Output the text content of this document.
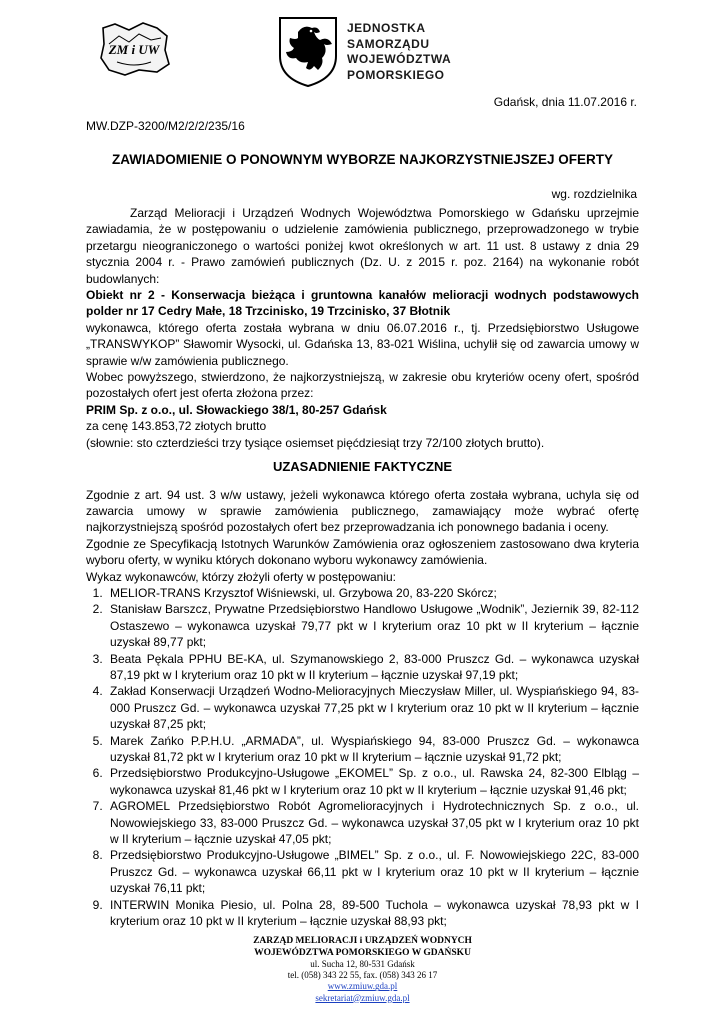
ZM i UW
JEDNOSTKA
SAMORZĄDU
WOJEWÓDZTWA
POMORSKIEGO
Gdańsk, dnia 11.07.2016 r.
MW.DZP-3200/M2/2/2/235/16
ZAWIADOMIENIE O PONOWNYM WYBORZE NAJKORZYSTNIEJSZEJ OFERTY
wg. rozdzielnika

Zarząd Melioracji i Urządzeń Wodnych Województwa Pomorskiego w Gdańsku uprzejmie zawiadamia, że w postępowaniu o udzielenie zamówienia publicznego, przeprowadzonego w trybie przetargu nieograniczonego o wartości poniżej kwot określonych w art. 11 ust. 8 ustawy z dnia 29 stycznia 2004 r. - Prawo zamówień publicznych (Dz. U. z 2015 r. poz. 2164) na wykonanie robót budowlanych:

Obiekt nr 2 - Konserwacja bieżąca i gruntowna kanałów melioracji wodnych podstawowych polder nr 17 Cedry Małe, 18 Trzcinisko, 19 Trzcinisko, 37 Błotnik

wykonawca, którego oferta została wybrana w dniu 06.07.2016 r., tj. Przedsiębiorstwo Usługowe „TRANSWYKOP” Sławomir Wysocki, ul. Gdańska 13, 83-021 Wiślina, uchylił się od zawarcia umowy w sprawie w/w zamówienia publicznego.

Wobec powyższego, stwierdzono, że najkorzystniejszą, w zakresie obu kryteriów oceny ofert, spośród pozostałych ofert jest oferta złożona przez:

PRIM Sp. z o.o., ul. Słowackiego 38/1, 80-257 Gdańsk

za cenę 143.853,72 złotych brutto

(słownie: sto czterdzieści trzy tysiące osiemset pięćdziesiąt trzy 72/100 złotych brutto).

UZASADNIENIE FAKTYCZNE

Zgodnie z art. 94 ust. 3 w/w ustawy, jeżeli wykonawca którego oferta została wybrana, uchyla się od zawarcia umowy w sprawie zamówienia publicznego, zamawiający może wybrać ofertę najkorzystniejszą spośród pozostałych ofert bez przeprowadzania ich ponownego badania i oceny.

Zgodnie ze Specyfikacją Istotnych Warunków Zamówienia oraz ogłoszeniem zastosowano dwa kryteria wyboru oferty, w wyniku których dokonano wyboru wykonawcy zamówienia.

Wykaz wykonawców, którzy złożyli oferty w postępowaniu:

1. MELIOR-TRANS Krzysztof Wiśniewski, ul. Grzybowa 20, 83-220 Skórcz;
2. Stanisław Barszcz, Prywatne Przedsiębiorstwo Handlowo Usługowe „Wodnik”, Jeziernik 39, 82-112 Ostaszewo – wykonawca uzyskał 79,77 pkt w I kryterium oraz 10 pkt w II kryterium – łącznie uzyskał 89,77 pkt;
3. Beata Pękala PPHU BE-KA, ul. Szymanowskiego 2, 83-000 Pruszcz Gd. – wykonawca uzyskał 87,19 pkt w I kryterium oraz 10 pkt w II kryterium – łącznie uzyskał 97,19 pkt;
4. Zakład Konserwacji Urządzeń Wodno-Melioracyjnych Mieczysław Miller, ul. Wyspiańskiego 94, 83-000 Pruszcz Gd. – wykonawca uzyskał 77,25 pkt w I kryterium oraz 10 pkt w II kryterium – łącznie uzyskał 87,25 pkt;
5. Marek Zańko P.P.H.U. „ARMADA”, ul. Wyspiańskiego 94, 83-000 Pruszcz Gd. – wykonawca uzyskał 81,72 pkt w I kryterium oraz 10 pkt w II kryterium – łącznie uzyskał 91,72 pkt;
6. Przedsiębiorstwo Produkcyjno-Usługowe „EKOMEL” Sp. z o.o., ul. Rawska 24, 82-300 Elbląg – wykonawca uzyskał 81,46 pkt w I kryterium oraz 10 pkt w II kryterium – łącznie uzyskał 91,46 pkt;
7. AGROMEL Przedsiębiorstwo Robót Agromelioracyjnych i Hydrotechnicznych Sp. z o.o., ul. Nowowiejskiego 33, 83-000 Pruszcz Gd. – wykonawca uzyskał 37,05 pkt w I kryterium oraz 10 pkt w II kryterium – łącznie uzyskał 47,05 pkt;
8. Przedsiębiorstwo Produkcyjno-Usługowe „BIMEL” Sp. z o.o., ul. F. Nowowiejskiego 22C, 83-000 Pruszcz Gd. – wykonawca uzyskał 66,11 pkt w I kryterium oraz 10 pkt w II kryterium – łącznie uzyskał 76,11 pkt;
9. INTERWIN Monika Piesio, ul. Polna 28, 89-500 Tuchola – wykonawca uzyskał 78,93 pkt w I kryterium oraz 10 pkt w II kryterium – łącznie uzyskał 88,93 pkt;
ZARZĄD MELIORACJI i URZĄDZEŃ WODNYCH
WOJEWÓDZTWA POMORSKIEGO W GDAŃSKU
ul. Sucha 12, 80-531 Gdańsk
tel. (058) 343 22 55, fax. (058) 343 26 17
www.zmiuw.gda.pl
sekretariat@zmiuw.gda.pl
